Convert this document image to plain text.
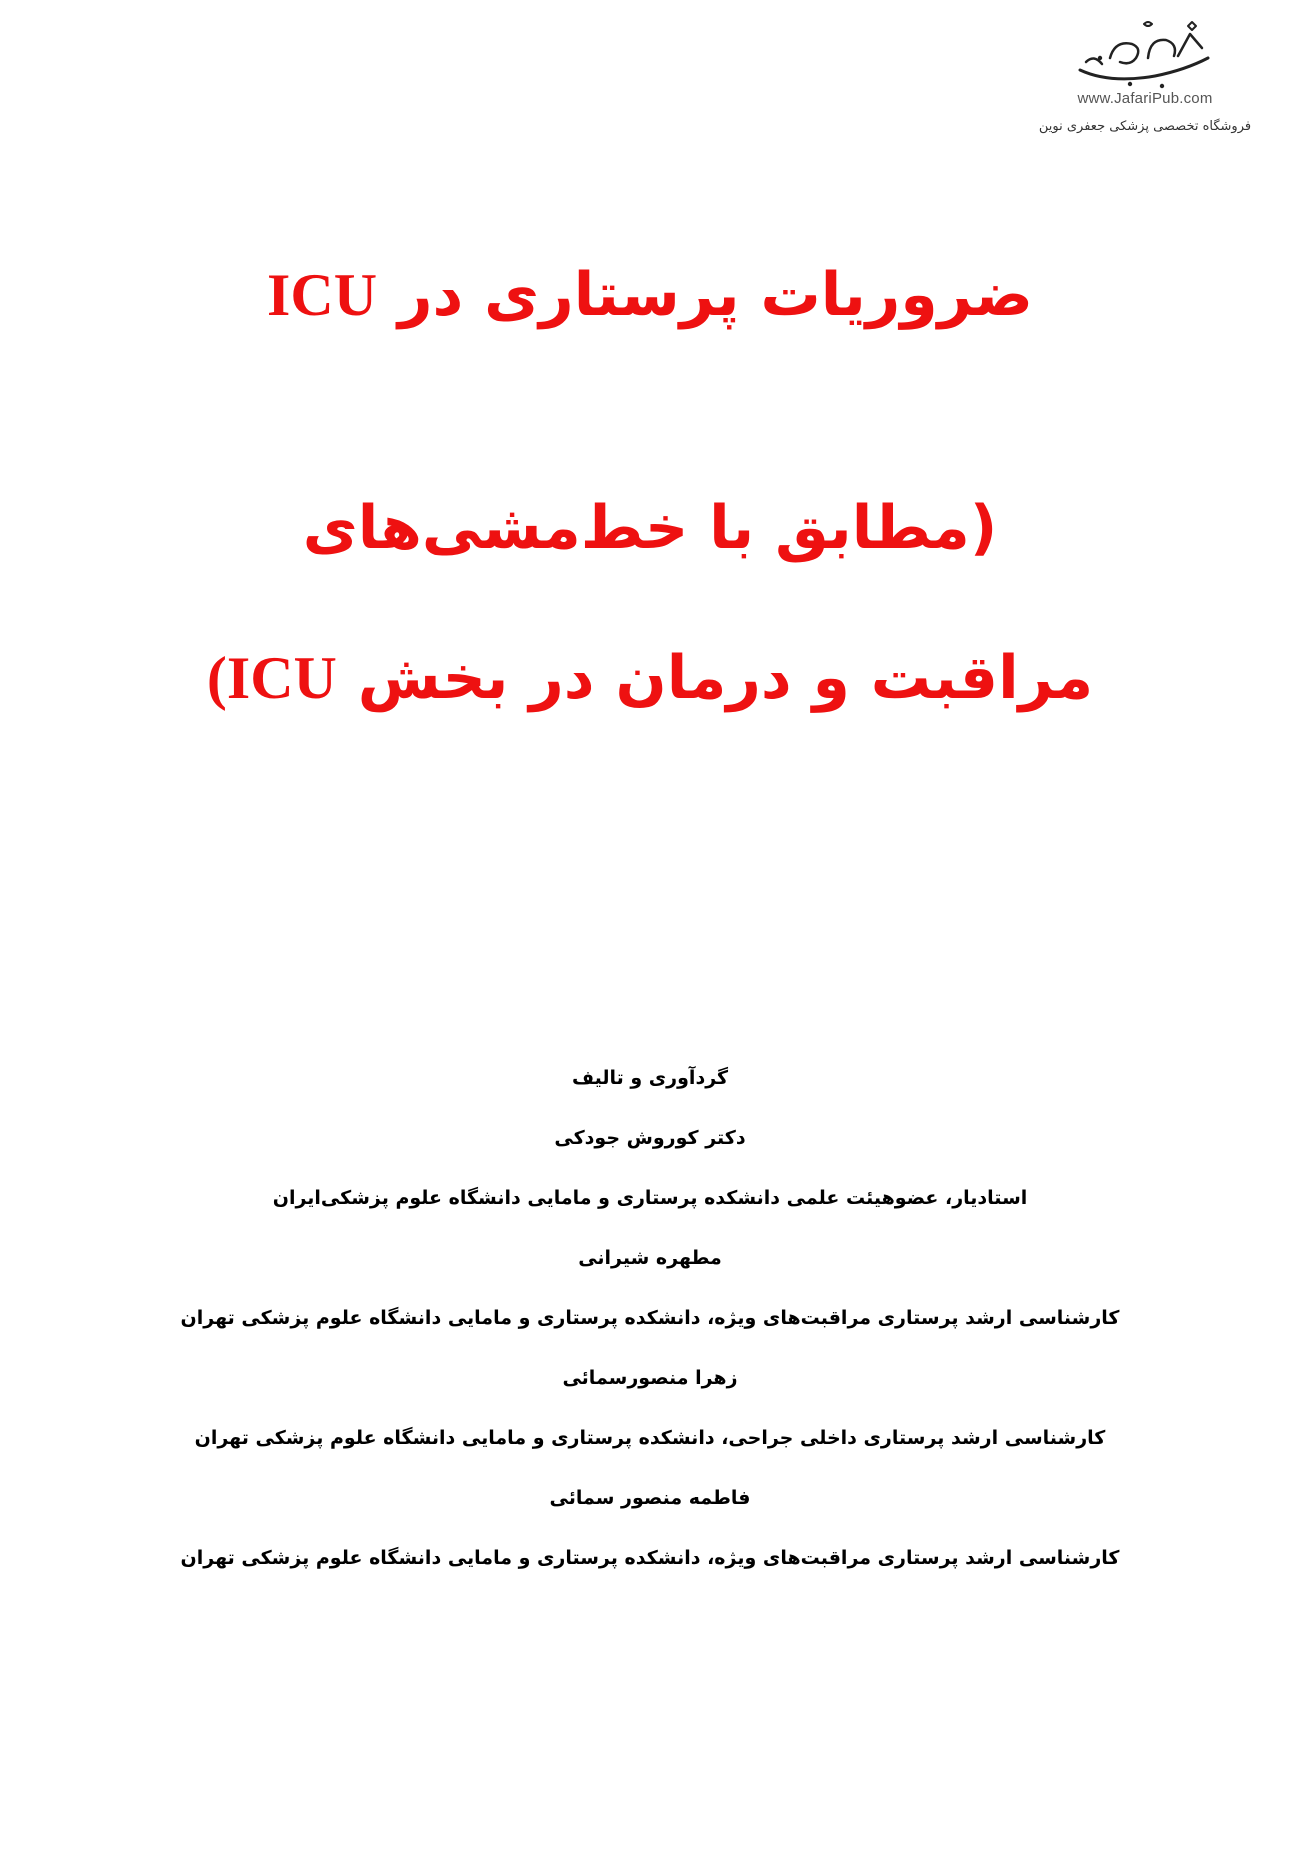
www.JafariPub.com
فروشگاه تخصصی پزشکی جعفری نوین
ضروریات پرستاری در ICU
(مطابق با خط‌مشی‌های
مراقبت و درمان در بخش ICU)
گردآوری و تالیف
دکتر کوروش جودکی
استادیار، عضوهیئت علمی دانشکده پرستاری و مامایی دانشگاه علوم پزشکی‌ایران
مطهره شیرانی
کارشناسی ارشد پرستاری مراقبت‌های ویژه، دانشکده پرستاری و مامایی دانشگاه علوم پزشکی تهران
زهرا منصورسمائی
کارشناسی ارشد پرستاری داخلی جراحی، دانشکده پرستاری و مامایی دانشگاه علوم پزشکی تهران
فاطمه منصور سمائی
کارشناسی ارشد پرستاری مراقبت‌های ویژه، دانشکده پرستاری و مامایی دانشگاه علوم پزشکی تهران
